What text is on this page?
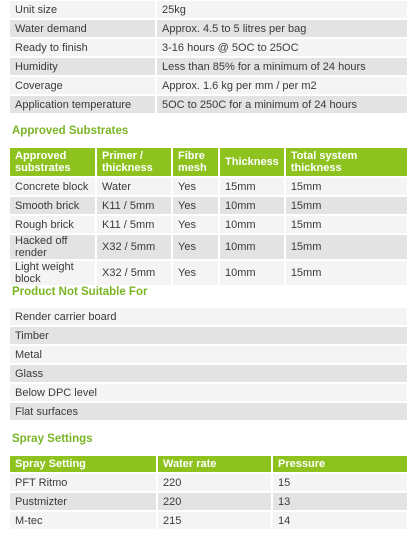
Unit size	25kg
Water demand	Approx. 4.5 to 5 litres per bag
Ready to finish	3-16 hours @ 5OC to 25OC
Humidity	Less than 85% for a minimum of 24 hours
Coverage	Approx. 1.6 kg per mm / per m2
Application temperature	5OC to 250C for a minimum of 24 hours
Approved Substrates
Approved substrates	Primer / thickness	Fibre mesh	Thickness	Total system thickness
Concrete block	Water	Yes	15mm	15mm
Smooth brick	K11 / 5mm	Yes	10mm	15mm
Rough brick	K11 / 5mm	Yes	10mm	15mm
Hacked off render	X32 / 5mm	Yes	10mm	15mm
Light weight block	X32 / 5mm	Yes	10mm	15mm
Product Not Suitable For
Render carrier board
Timber
Metal
Glass
Below DPC level
Flat surfaces
Spray Settings
Spray Setting	Water rate	Pressure
PFT Ritmo	220	15
Pustmizter	220	13
M-tec	215	14
